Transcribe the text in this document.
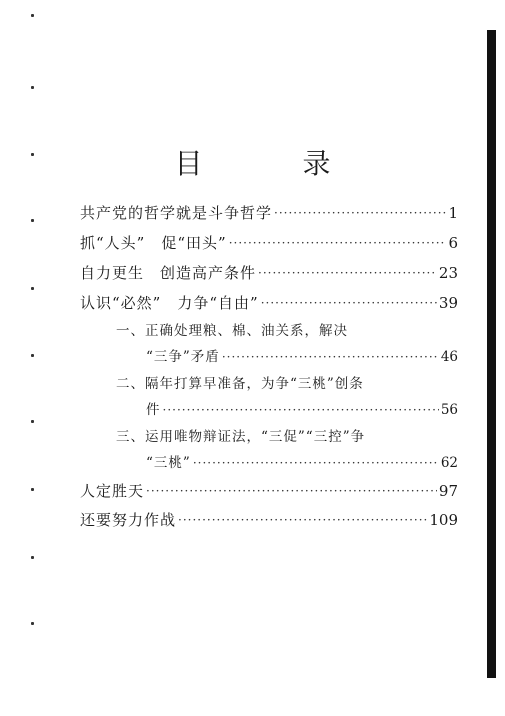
目　录
共产党的哲学就是斗争哲学 ·····	1
抓“人头”　促“田头” ·····	6
自力更生　创造高产条件 ·····	23
认识“必然”　力争“自由” ·····	39
一、正确处理粮、棉、油关系，解决
“三争”矛盾 ·····	46
二、隔年打算早准备，为争“三桃”创条
件 ·····	56
三、运用唯物辩证法，“三促”“三控”争
“三桃” ·····	62
人定胜天 ·····	97
还要努力作战 ·····	109
